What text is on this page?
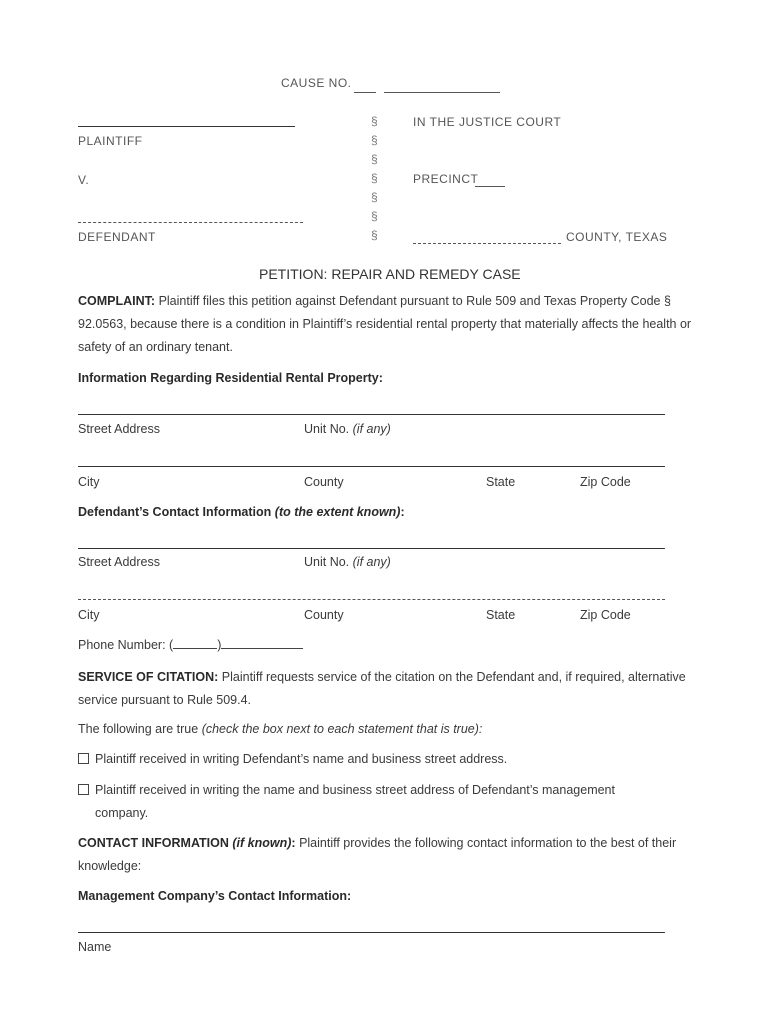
CAUSE NO.
PLAINTIFF
V.
DEFENDANT
§
§
§
§
§
§
§
IN THE JUSTICE COURT
PRECINCT
COUNTY, TEXAS
PETITION: REPAIR AND REMEDY CASE
COMPLAINT: Plaintiff files this petition against Defendant pursuant to Rule 509 and Texas Property Code § 92.0563, because there is a condition in Plaintiff’s residential rental property that materially affects the health or safety of an ordinary tenant.
Information Regarding Residential Rental Property:
Street Address	Unit No. (if any)
City	County	State	Zip Code
Defendant’s Contact Information (to the extent known):
Street Address	Unit No. (if any)
City	County	State	Zip Code
Phone Number: (	)
SERVICE OF CITATION: Plaintiff requests service of the citation on the Defendant and, if required, alternative service pursuant to Rule 509.4.
The following are true (check the box next to each statement that is true):
Plaintiff received in writing Defendant’s name and business street address.
Plaintiff received in writing the name and business street address of Defendant’s management
company.
CONTACT INFORMATION (if known): Plaintiff provides the following contact information to the best of their knowledge:
Management Company’s Contact Information:
Name
